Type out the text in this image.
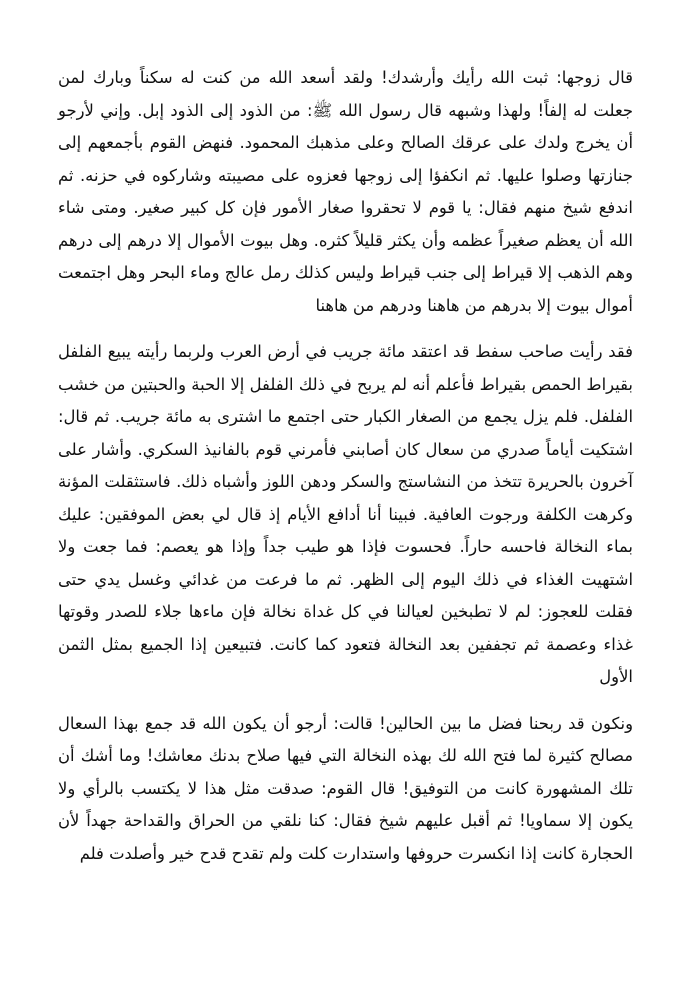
قال زوجها: ثبت الله رأيك وأرشدك! ولقد أسعد الله من كنت له سكناً وبارك لمن جعلت له إلفاً! ولهذا وشبهه قال رسول الله ﷺ: من الذود إلى الذود إبل. وإني لأرجو أن يخرج ولدك على عرقك الصالح وعلى مذهبك المحمود. فنهض القوم بأجمعهم إلى جنازتها وصلوا عليها. ثم انكفؤا إلى زوجها فعزوه على مصيبته وشاركوه في حزنه. ثم اندفع شيخ منهم فقال: يا قوم لا تحقروا صغار الأمور فإن كل كبير صغير. ومتى شاء الله أن يعظم صغيراً عظمه وأن يكثر قليلاً كثره. وهل بيوت الأموال إلا درهم إلى درهم وهم الذهب إلا قيراط إلى جنب قيراط وليس كذلك رمل عالج وماء البحر وهل اجتمعت أموال بيوت إلا بدرهم من هاهنا ودرهم من هاهنا

فقد رأيت صاحب سفط قد اعتقد مائة جريب في أرض العرب ولربما رأيته يبيع الفلفل بقيراط الحمص بقيراط فأعلم أنه لم يربح في ذلك الفلفل إلا الحبة والحبتين من خشب الفلفل. فلم يزل يجمع من الصغار الكبار حتى اجتمع ما اشترى به مائة جريب. ثم قال: اشتكيت أياماً صدري من سعال كان أصابني فأمرني قوم بالفانيذ السكري. وأشار على آخرون بالحريرة تتخذ من النشاستج والسكر ودهن اللوز وأشباه ذلك. فاستثقلت المؤنة وكرهت الكلفة ورجوت العافية. فبينا أنا أدافع الأيام إذ قال لي بعض الموفقين: عليك بماء النخالة فاحسه حاراً. فحسوت فإذا هو طيب جداً وإذا هو يعصم: فما جعت ولا اشتهيت الغذاء في ذلك اليوم إلى الظهر. ثم ما فرعت من غدائي وغسل يدي حتى فقلت للعجوز: لم لا تطبخين لعيالنا في كل غداة نخالة فإن ماءها جلاء للصدر وقوتها غذاء وعصمة ثم تجففين بعد النخالة فتعود كما كانت. فتبيعين إذا الجميع بمثل الثمن الأول

ونكون قد ربحنا فضل ما بين الحالين! قالت: أرجو أن يكون الله قد جمع بهذا السعال مصالح كثيرة لما فتح الله لك بهذه النخالة التي فيها صلاح بدنك معاشك! وما أشك أن تلك المشهورة كانت من التوفيق! قال القوم: صدقت مثل هذا لا يكتسب بالرأي ولا يكون إلا سماويا! ثم أقبل عليهم شيخ فقال: كنا نلقي من الحراق والقداحة جهداً لأن الحجارة كانت إذا انكسرت حروفها واستدارت كلت ولم تقدح قدح خير وأصلدت فلم
